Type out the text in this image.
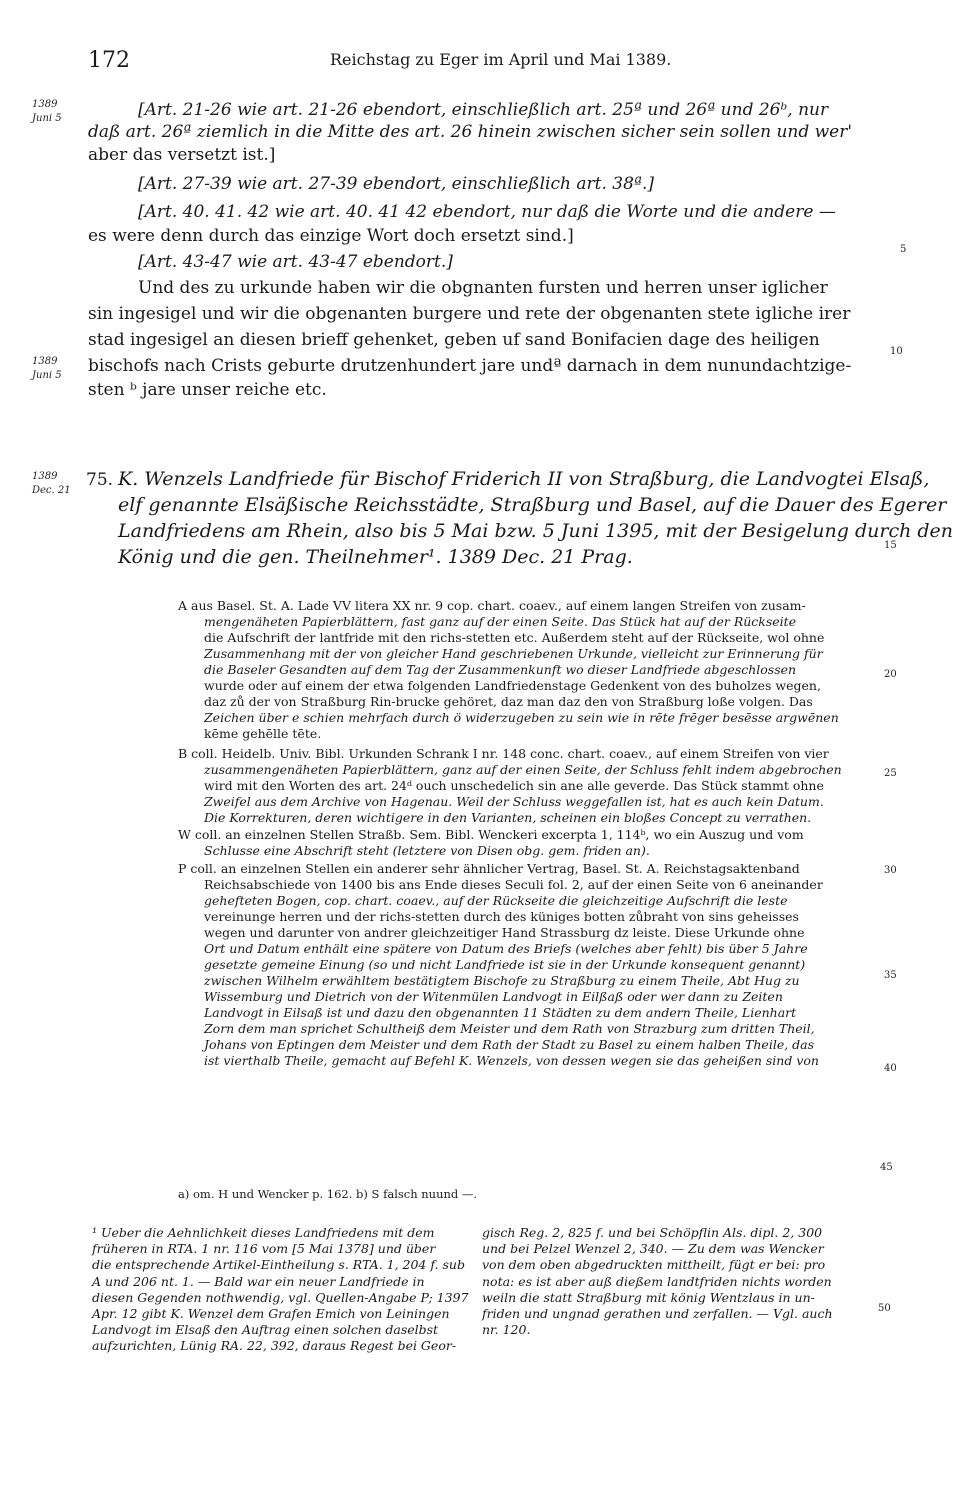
172	Reichstag zu Eger im April und Mai 1389.
1389
Juni 5
1389
Juni 5
1389
Dec. 21
5
10
15
20
25
30
35
40
45
50
[Art. 21-26 wie art. 21-26 ebendort, einschließlich art. 25ª und 26ª und 26ᵇ, nur
daß art. 26ª ziemlich in die Mitte des art. 26 hinein zwischen sicher sein sollen und wer'
aber das versetzt ist.]
[Art. 27-39 wie art. 27-39 ebendort, einschließlich art. 38ª.]
[Art. 40. 41. 42 wie art. 40. 41 42 ebendort, nur daß die Worte und die andere —
es were denn durch das einzige Wort doch ersetzt sind.]
[Art. 43-47 wie art. 43-47 ebendort.]
Und des zu urkunde haben wir die obgnanten fursten und herren unser iglicher
sin ingesigel und wir die obgenanten burgere und rete der obgenanten stete igliche irer
stad ingesigel an diesen brieff gehenket, geben uf sand Bonifacien dage des heiligen
bischofs nach Crists geburte drutzenhundert jare undª darnach in dem nunundachtzige-
sten ᵇ jare unser reiche etc.
75. K. Wenzels Landfriede für Bischof Friderich II von Straßburg, die Landvogtei Elsaß,
elf genannte Elsäßische Reichsstädte, Straßburg und Basel, auf die Dauer des Egerer
Landfriedens am Rhein, also bis 5 Mai bzw. 5 Juni 1395, mit der Besigelung durch den
König und die gen. Theilnehmer¹. 1389 Dec. 21 Prag.
A aus Basel. St. A. Lade VV litera XX nr. 9 cop. chart. coaev., auf einem langen Streifen von zusam-
mengenäheten Papierblättern, fast ganz auf der einen Seite. Das Stück hat auf der Rückseite
die Aufschrift der lantfride mit den richs-stetten etc. Außerdem steht auf der Rückseite, wol ohne
Zusammenhang mit der von gleicher Hand geschriebenen Urkunde, vielleicht zur Erinnerung für
die Baseler Gesandten auf dem Tag der Zusammenkunft wo dieser Landfriede abgeschlossen
wurde oder auf einem der etwa folgenden Landfriedenstage Gedenkent von des buholzes wegen,
daz zů der von Straßburg Rin-brucke gehöret, daz man daz den von Straßburg loße volgen. Das
Zeichen über e schien mehrfach durch ö widerzugeben zu sein wie in rēte frēger besēsse argwēnen
kēme gehēlle tēte.
B coll. Heidelb. Univ. Bibl. Urkunden Schrank I nr. 148 conc. chart. coaev., auf einem Streifen von vier
zusammengenäheten Papierblättern, ganz auf der einen Seite, der Schluss fehlt indem abgebrochen
wird mit den Worten des art. 24ᵈ ouch unschedelich sin ane alle geverde. Das Stück stammt ohne
Zweifel aus dem Archive von Hagenau. Weil der Schluss weggefallen ist, hat es auch kein Datum.
Die Korrekturen, deren wichtigere in den Varianten, scheinen ein bloßes Concept zu verrathen.
W coll. an einzelnen Stellen Straßb. Sem. Bibl. Wenckeri excerpta 1, 114ᵇ, wo ein Auszug und vom
Schlusse eine Abschrift steht (letztere von Disen obg. gem. friden an).
P coll. an einzelnen Stellen ein anderer sehr ähnlicher Vertrag, Basel. St. A. Reichstagsaktenband
Reichsabschiede von 1400 bis ans Ende dieses Seculi fol. 2, auf der einen Seite von 6 aneinander
gehefteten Bogen, cop. chart. coaev., auf der Rückseite die gleichzeitige Aufschrift die leste
vereinunge herren und der richs-stetten durch des küniges botten zůbraht von sins geheisses
wegen und darunter von andrer gleichzeitiger Hand Strassburg dz leiste. Diese Urkunde ohne
Ort und Datum enthält eine spätere von Datum des Briefs (welches aber fehlt) bis über 5 Jahre
gesetzte gemeine Einung (so und nicht Landfriede ist sie in der Urkunde konsequent genannt)
zwischen Wilhelm erwähltem bestätigtem Bischofe zu Straßburg zu einem Theile, Abt Hug zu
Wissemburg und Dietrich von der Witenmülen Landvogt in Eilßaß oder wer dann zu Zeiten
Landvogt in Eilsaß ist und dazu den obgenannten 11 Städten zu dem andern Theile, Lienhart
Zorn dem man sprichet Schultheiß dem Meister und dem Rath von Strazburg zum dritten Theil,
Johans von Eptingen dem Meister und dem Rath der Stadt zu Basel zu einem halben Theile, das
ist vierthalb Theile, gemacht auf Befehl K. Wenzels, von dessen wegen sie das geheißen sind von
a) om. H und Wencker p. 162. b) S falsch nuund —.
¹ Ueber die Aehnlichkeit dieses Landfriedens mit dem
früheren in RTA. 1 nr. 116 vom [5 Mai 1378] und über
die entsprechende Artikel-Eintheilung s. RTA. 1, 204 f. sub
A und 206 nt. 1. — Bald war ein neuer Landfriede in
diesen Gegenden nothwendig, vgl. Quellen-Angabe P; 1397
Apr. 12 gibt K. Wenzel dem Grafen Emich von Leiningen
Landvogt im Elsaß den Auftrag einen solchen daselbst
aufzurichten, Lünig RA. 22, 392, daraus Regest bei Geor-
gisch Reg. 2, 825 f. und bei Schöpflin Als. dipl. 2, 300
und bei Pelzel Wenzel 2, 340. — Zu dem was Wencker
von dem oben abgedruckten mittheilt, fügt er bei: pro
nota: es ist aber auß dießem landtfriden nichts worden
weiln die statt Straßburg mit könig Wentzlaus in un-
friden und ungnad gerathen und zerfallen. — Vgl. auch
nr. 120.
